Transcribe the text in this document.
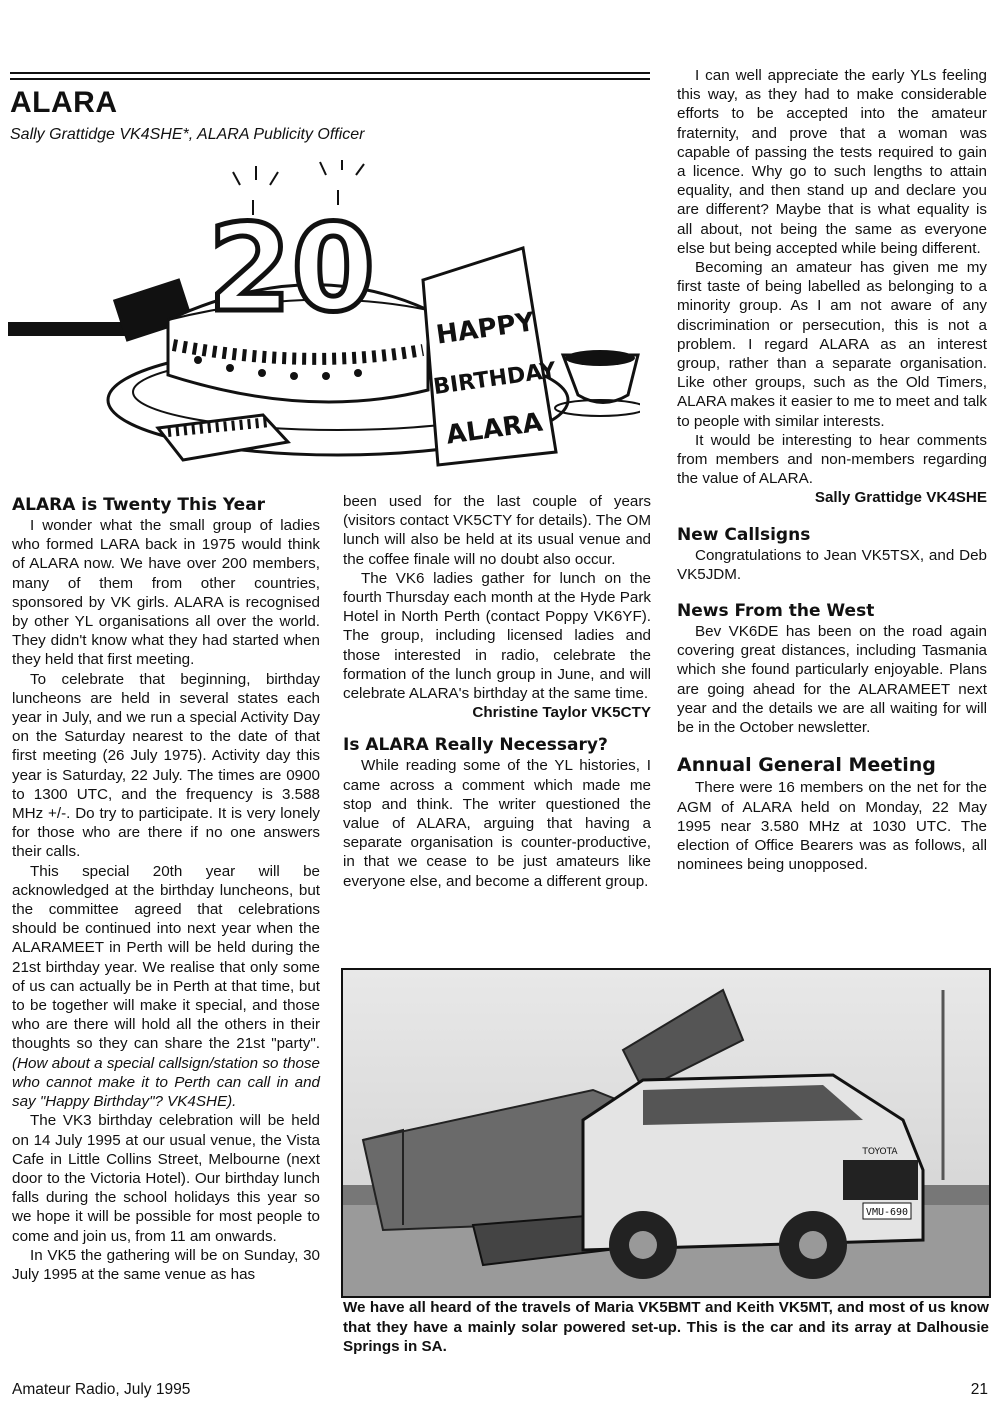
ALARA
Sally Grattidge VK4SHE*, ALARA Publicity Officer
20 HAPPY
BIRTHDAY
ALARA
ALARA is Twenty This Year

I wonder what the small group of ladies who formed LARA back in 1975 would think of ALARA now. We have over 200 members, many of them from other countries, sponsored by VK girls. ALARA is recognised by other YL organisations all over the world. They didn't know what they had started when they held that first meeting.

To celebrate that beginning, birthday luncheons are held in several states each year in July, and we run a special Activity Day on the Saturday nearest to the date of that first meeting (26 July 1975). Activity day this year is Saturday, 22 July. The times are 0900 to 1300 UTC, and the frequency is 3.588 MHz +/-. Do try to participate. It is very lonely for those who are there if no one answers their calls.

This special 20th year will be acknowledged at the birthday luncheons, but the committee agreed that celebrations should be continued into next year when the ALARAMEET in Perth will be held during the 21st birthday year. We realise that only some of us can actually be in Perth at that time, but to be together will make it special, and those who are there will hold all the others in their thoughts so they can share the 21st "party". (How about a special callsign/station so those who cannot make it to Perth can call in and say "Happy Birthday"? VK4SHE).

The VK3 birthday celebration will be held on 14 July 1995 at our usual venue, the Vista Cafe in Little Collins Street, Melbourne (next door to the Victoria Hotel). Our birthday lunch falls during the school holidays this year so we hope it will be possible for most people to come and join us, from 11 am onwards.

In VK5 the gathering will be on Sunday, 30 July 1995 at the same venue as has

been used for the last couple of years (visitors contact VK5CTY for details). The OM lunch will also be held at its usual venue and the coffee finale will no doubt also occur.

The VK6 ladies gather for lunch on the fourth Thursday each month at the Hyde Park Hotel in North Perth (contact Poppy VK6YF). The group, including licensed ladies and those interested in radio, celebrate the formation of the lunch group in June, and will celebrate ALARA's birthday at the same time.

Christine Taylor VK5CTY
Is ALARA Really Necessary?

While reading some of the YL histories, I came across a comment which made me stop and think. The writer questioned the value of ALARA, arguing that having a separate organisation is counter-productive, in that we cease to be just amateurs like everyone else, and become a different group.

I can well appreciate the early YLs feeling this way, as they had to make considerable efforts to be accepted into the amateur fraternity, and prove that a woman was capable of passing the tests required to gain a licence. Why go to such lengths to attain equality, and then stand up and declare you are different? Maybe that is what equality is all about, not being the same as everyone else but being accepted while being different.

Becoming an amateur has given me my first taste of being labelled as belonging to a minority group. As I am not aware of any discrimination or persecution, this is not a problem. I regard ALARA as an interest group, rather than a separate organisation. Like other groups, such as the Old Timers, ALARA makes it easier to me to meet and talk to people with similar interests.

It would be interesting to hear comments from members and non-members regarding the value of ALARA.

Sally Grattidge VK4SHE
New Callsigns

Congratulations to Jean VK5TSX, and Deb VK5JDM.

News From the West

Bev VK6DE has been on the road again covering great distances, including Tasmania which she found particularly enjoyable. Plans are going ahead for the ALARAMEET next year and the details we are all waiting for will be in the October newsletter.

Annual General Meeting

There were 16 members on the net for the AGM of ALARA held on Monday, 22 May 1995 near 3.580 MHz at 1030 UTC. The election of Office Bearers was as follows, all nominees being unopposed.

VMU-690
TOYOTA
We have all heard of the travels of Maria VK5BMT and Keith VK5MT, and most of us know that they have a mainly solar powered set-up. This is the car and its array at Dalhousie Springs in SA.
Amateur Radio, July 1995	21
